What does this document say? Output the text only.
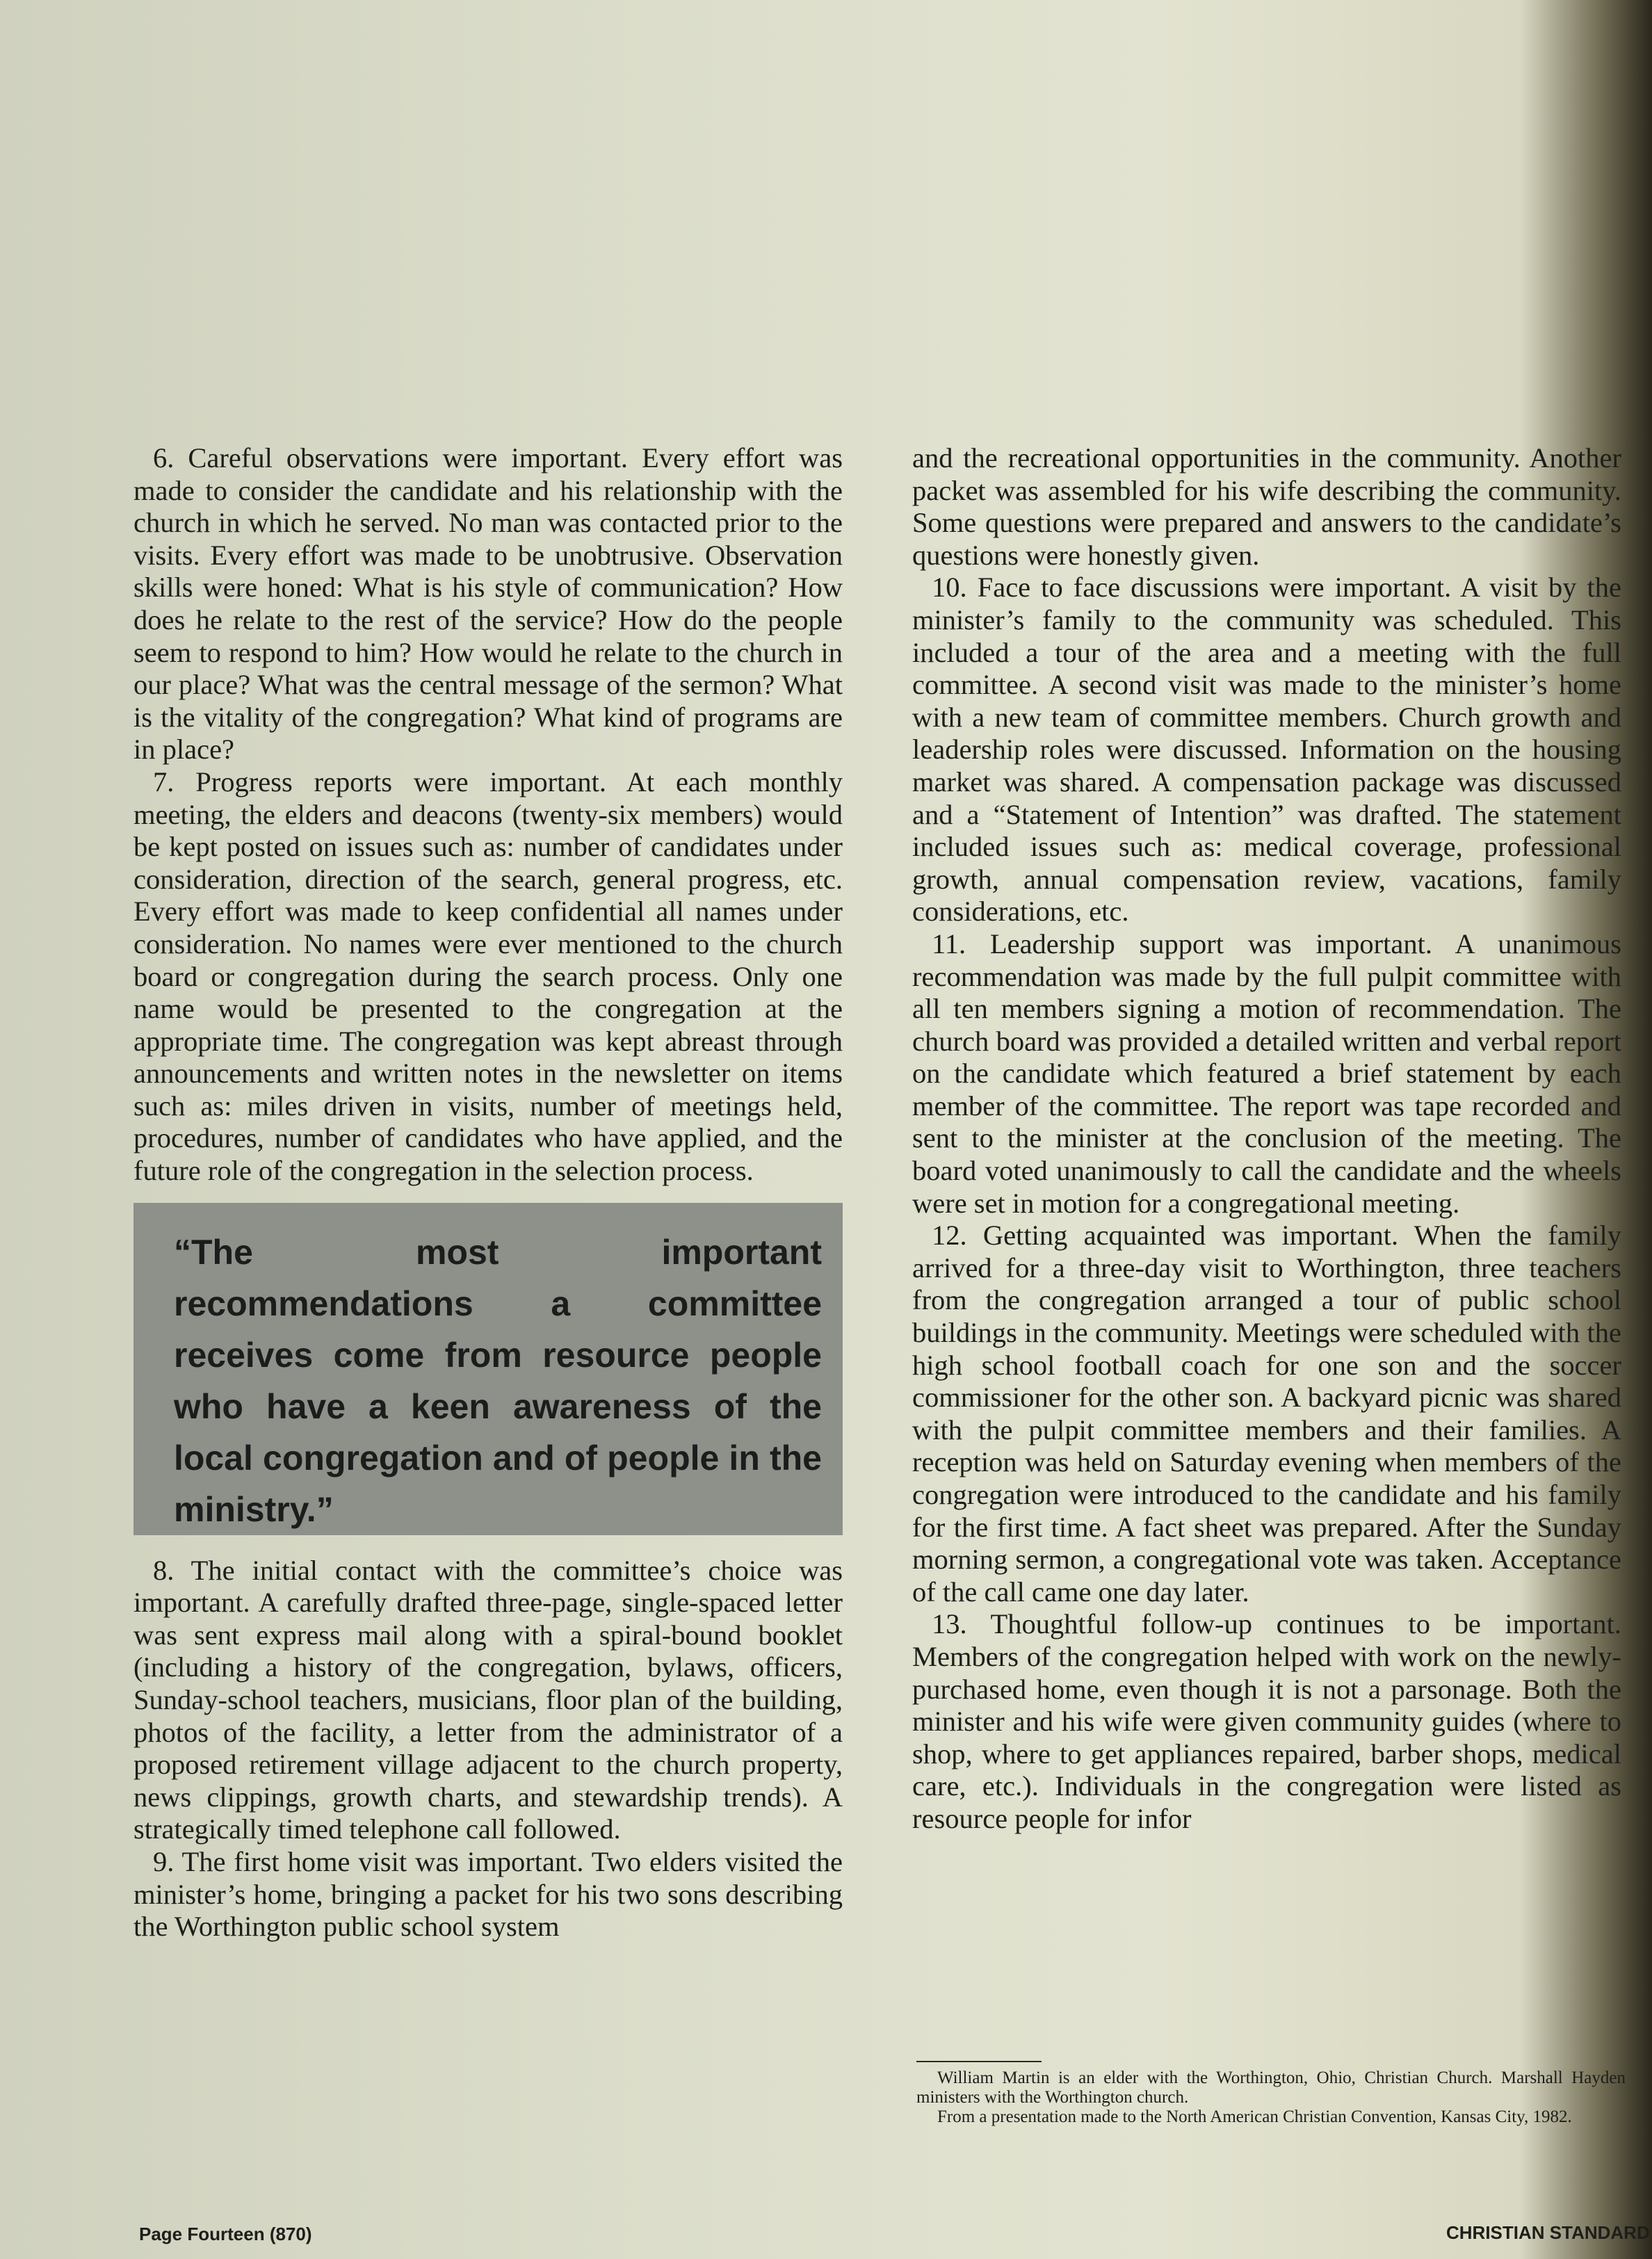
6. Careful observations were important. Every effort was made to consider the candidate and his relationship with the church in which he served. No man was contacted prior to the visits. Every effort was made to be unobtrusive. Observation skills were honed: What is his style of communication? How does he relate to the rest of the service? How do the people seem to respond to him? How would he relate to the church in our place? What was the central message of the sermon? What is the vitality of the congregation? What kind of programs are in place?

7. Progress reports were important. At each monthly meeting, the elders and deacons (twenty-six members) would be kept posted on issues such as: number of candidates under consideration, direction of the search, general progress, etc. Every effort was made to keep confidential all names under consideration. No names were ever mentioned to the church board or congregation during the search process. Only one name would be presented to the congregation at the appropriate time. The congregation was kept abreast through announcements and written notes in the newsletter on items such as: miles driven in visits, number of meetings held, procedures, number of candidates who have applied, and the future role of the congregation in the selection process.

“The most important recommendations a committee receives come from resource people who have a keen awareness of the local congregation and of people in the ministry.”

8. The initial contact with the committee’s choice was important. A carefully drafted three-page, single-spaced letter was sent express mail along with a spiral-bound booklet (including a history of the congregation, bylaws, officers, Sunday-school teachers, musicians, floor plan of the building, photos of the facility, a letter from the administrator of a proposed retirement village adjacent to the church property, news clippings, growth charts, and stewardship trends). A strategically timed telephone call followed.

9. The first home visit was important. Two elders visited the minister’s home, bringing a packet for his two sons describing the Worthington public school system

and the recreational opportunities in the community. Another packet was assembled for his wife describing the community. Some questions were prepared and answers to the candidate’s questions were honestly given.

10. Face to face discussions were important. A visit by the minister’s family to the community was scheduled. This included a tour of the area and a meeting with the full committee. A second visit was made to the minister’s home with a new team of committee members. Church growth and leadership roles were discussed. Information on the housing market was shared. A compensation package was discussed and a “Statement of Intention” was drafted. The statement included issues such as: medical coverage, professional growth, annual compensation review, vacations, family considerations, etc.

11. Leadership support was important. A unanimous recommendation was made by the full pulpit committee with all ten members signing a motion of recommendation. The church board was provided a detailed written and verbal report on the candidate which featured a brief statement by each member of the committee. The report was tape recorded and sent to the minister at the conclusion of the meeting. The board voted unanimously to call the candidate and the wheels were set in motion for a congregational meeting.

12. Getting acquainted was important. When the family arrived for a three-day visit to Worthington, three teachers from the congregation arranged a tour of public school buildings in the community. Meetings were scheduled with the high school football coach for one son and the soccer commissioner for the other son. A backyard picnic was shared with the pulpit committee members and their families. A reception was held on Saturday evening when members of the congregation were introduced to the candidate and his family for the first time. A fact sheet was prepared. After the Sunday morning sermon, a congregational vote was taken. Acceptance of the call came one day later.

13. Thoughtful follow-up continues to be important. Members of the congregation helped with work on the newly-purchased home, even though it is not a parsonage. Both the minister and his wife were given community guides (where to shop, where to get appliances repaired, barber shops, medical care, etc.). Individuals in the congregation were listed as resource people for infor

William Martin is an elder with the Worthington, Ohio, Christian Church. Marshall Hayden ministers with the Worthington church.

From a presentation made to the North American Christian Convention, Kansas City, 1982.

Page Fourteen (870)	CHRISTIAN STANDARD
